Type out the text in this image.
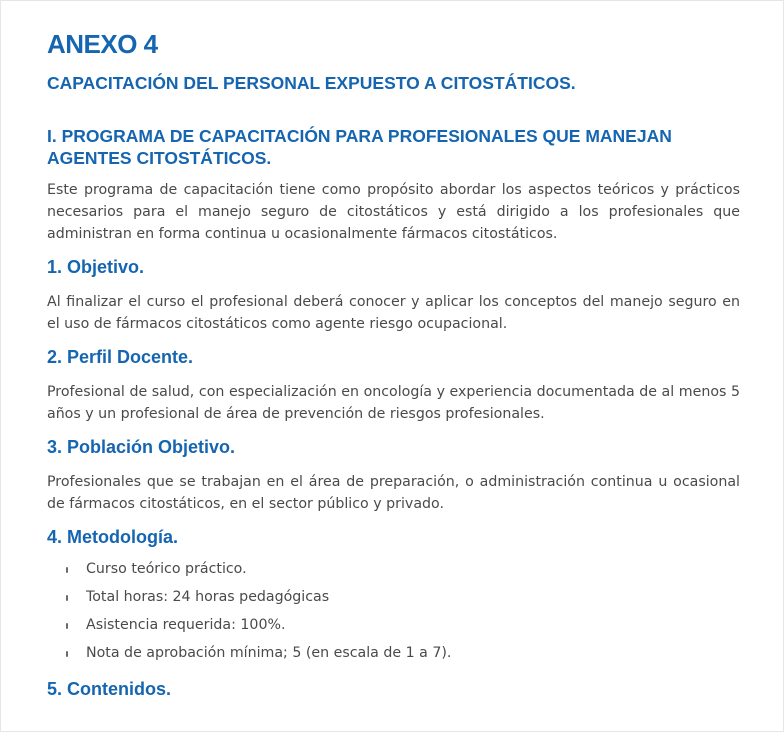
ANEXO 4
CAPACITACIÓN DEL PERSONAL EXPUESTO A CITOSTÁTICOS.
I. PROGRAMA DE CAPACITACIÓN PARA PROFESIONALES QUE MANEJAN AGENTES CITOSTÁTICOS.

Este programa de capacitación tiene como propósito abordar los aspectos teóricos y prácticos necesarios para el manejo seguro de citostáticos y está dirigido a los profesionales que administran en forma continua u ocasionalmente fármacos citostáticos.

1. Objetivo.

Al finalizar el curso el profesional deberá conocer y aplicar los conceptos del manejo seguro en el uso de fármacos citostáticos como agente riesgo ocupacional.

2. Perfil Docente.

Profesional de salud, con especialización en oncología y experiencia documentada de al menos 5 años y un profesional de área de prevención de riesgos profesionales.

3. Población Objetivo.

Profesionales que se trabajan en el área de preparación, o administración continua u ocasional de fármacos citostáticos, en el sector público y privado.

4. Metodología.
Curso teórico práctico.
Total horas: 24 horas pedagógicas
Asistencia requerida: 100%.
Nota de aprobación mínima; 5 (en escala de 1 a 7).
5. Contenidos.
